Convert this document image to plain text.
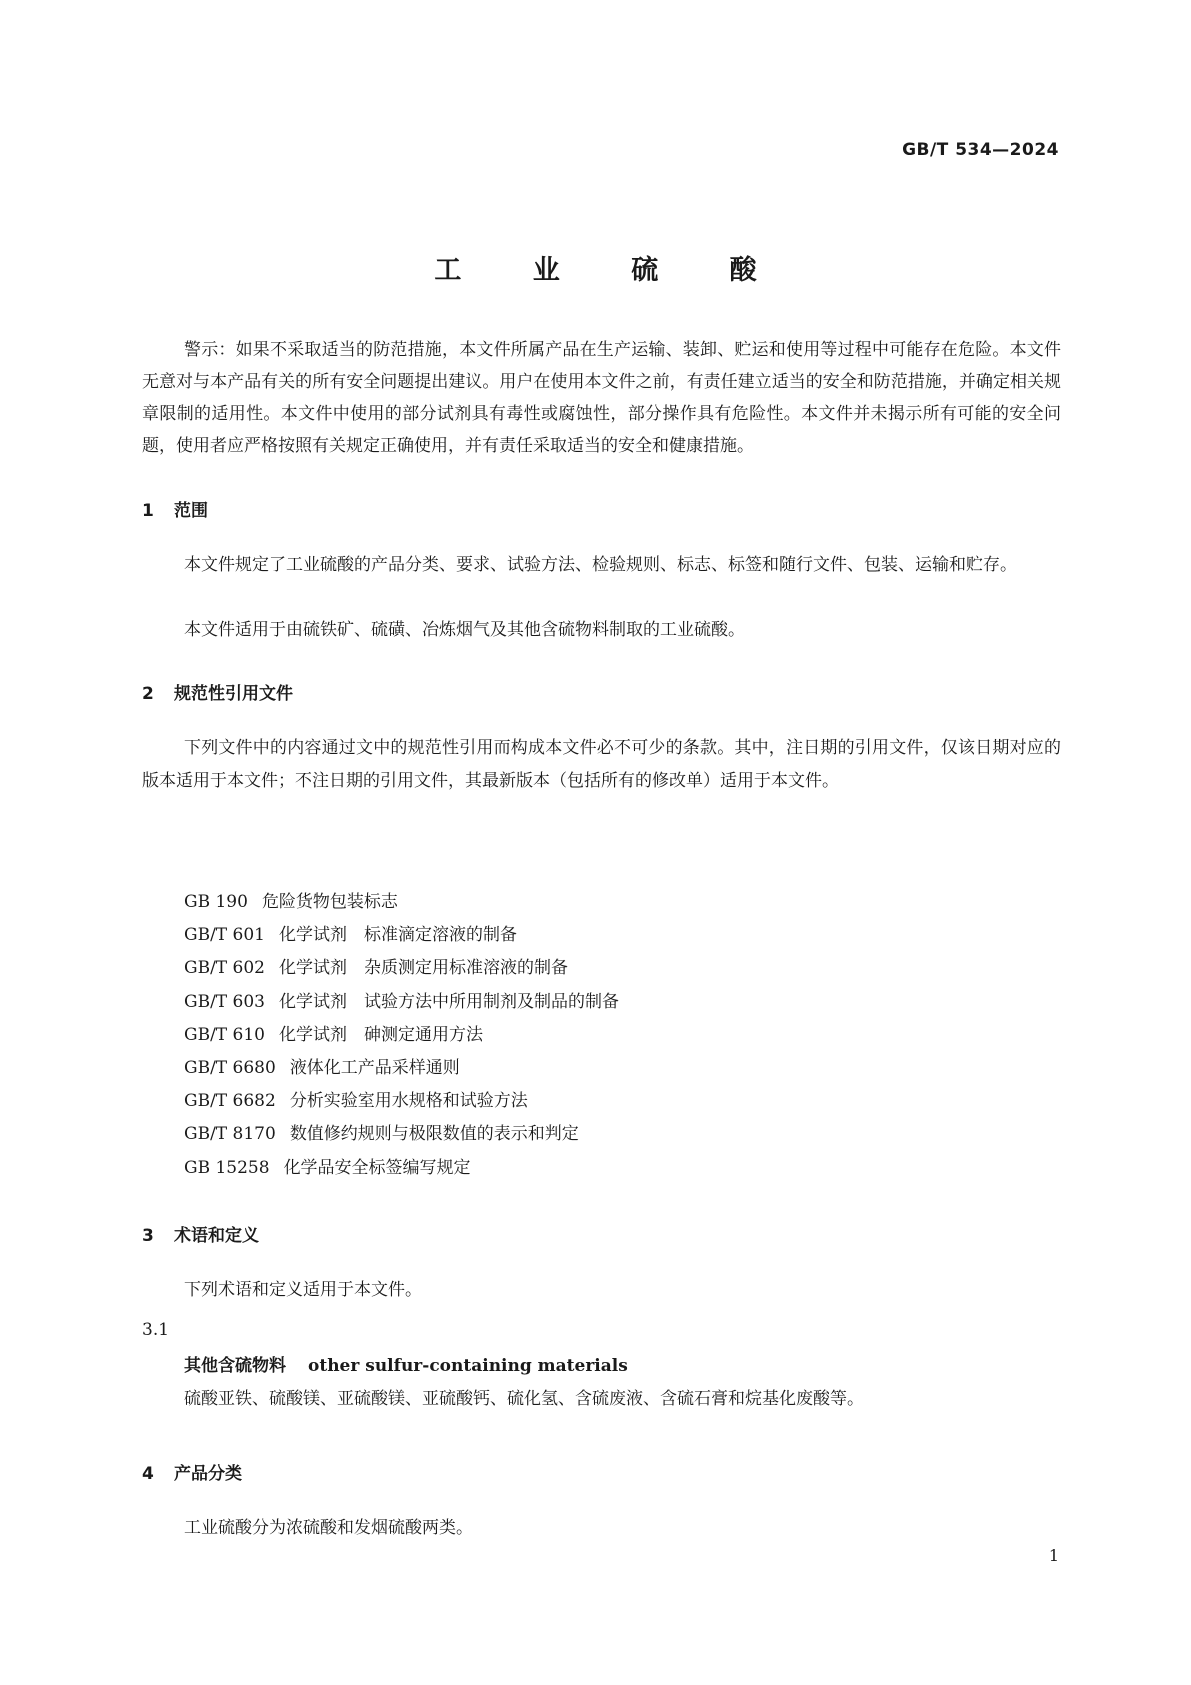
GB/T 534—2024
工 业 硫 酸

警示：如果不采取适当的防范措施，本文件所属产品在生产运输、装卸、贮运和使用等过程中可能存在危险。本文件无意对与本产品有关的所有安全问题提出建议。用户在使用本文件之前，有责任建立适当的安全和防范措施，并确定相关规章限制的适用性。本文件中使用的部分试剂具有毒性或腐蚀性，部分操作具有危险性。本文件并未揭示所有可能的安全问题，使用者应严格按照有关规定正确使用，并有责任采取适当的安全和健康措施。

1 范围

本文件规定了工业硫酸的产品分类、要求、试验方法、检验规则、标志、标签和随行文件、包装、运输和贮存。

本文件适用于由硫铁矿、硫磺、冶炼烟气及其他含硫物料制取的工业硫酸。

2 规范性引用文件

下列文件中的内容通过文中的规范性引用而构成本文件必不可少的条款。其中，注日期的引用文件，仅该日期对应的版本适用于本文件；不注日期的引用文件，其最新版本（包括所有的修改单）适用于本文件。

GB 190 危险货物包装标志
GB/T 601 化学试剂　标准滴定溶液的制备
GB/T 602 化学试剂　杂质测定用标准溶液的制备
GB/T 603 化学试剂　试验方法中所用制剂及制品的制备
GB/T 610 化学试剂　砷测定通用方法
GB/T 6680 液体化工产品采样通则
GB/T 6682 分析实验室用水规格和试验方法
GB/T 8170 数值修约规则与极限数值的表示和判定
GB 15258 化学品安全标签编写规定
3 术语和定义

下列术语和定义适用于本文件。

3.1
其他含硫物料 other sulfur-containing materials
硫酸亚铁、硫酸镁、亚硫酸镁、亚硫酸钙、硫化氢、含硫废液、含硫石膏和烷基化废酸等。
4 产品分类

工业硫酸分为浓硫酸和发烟硫酸两类。

1
